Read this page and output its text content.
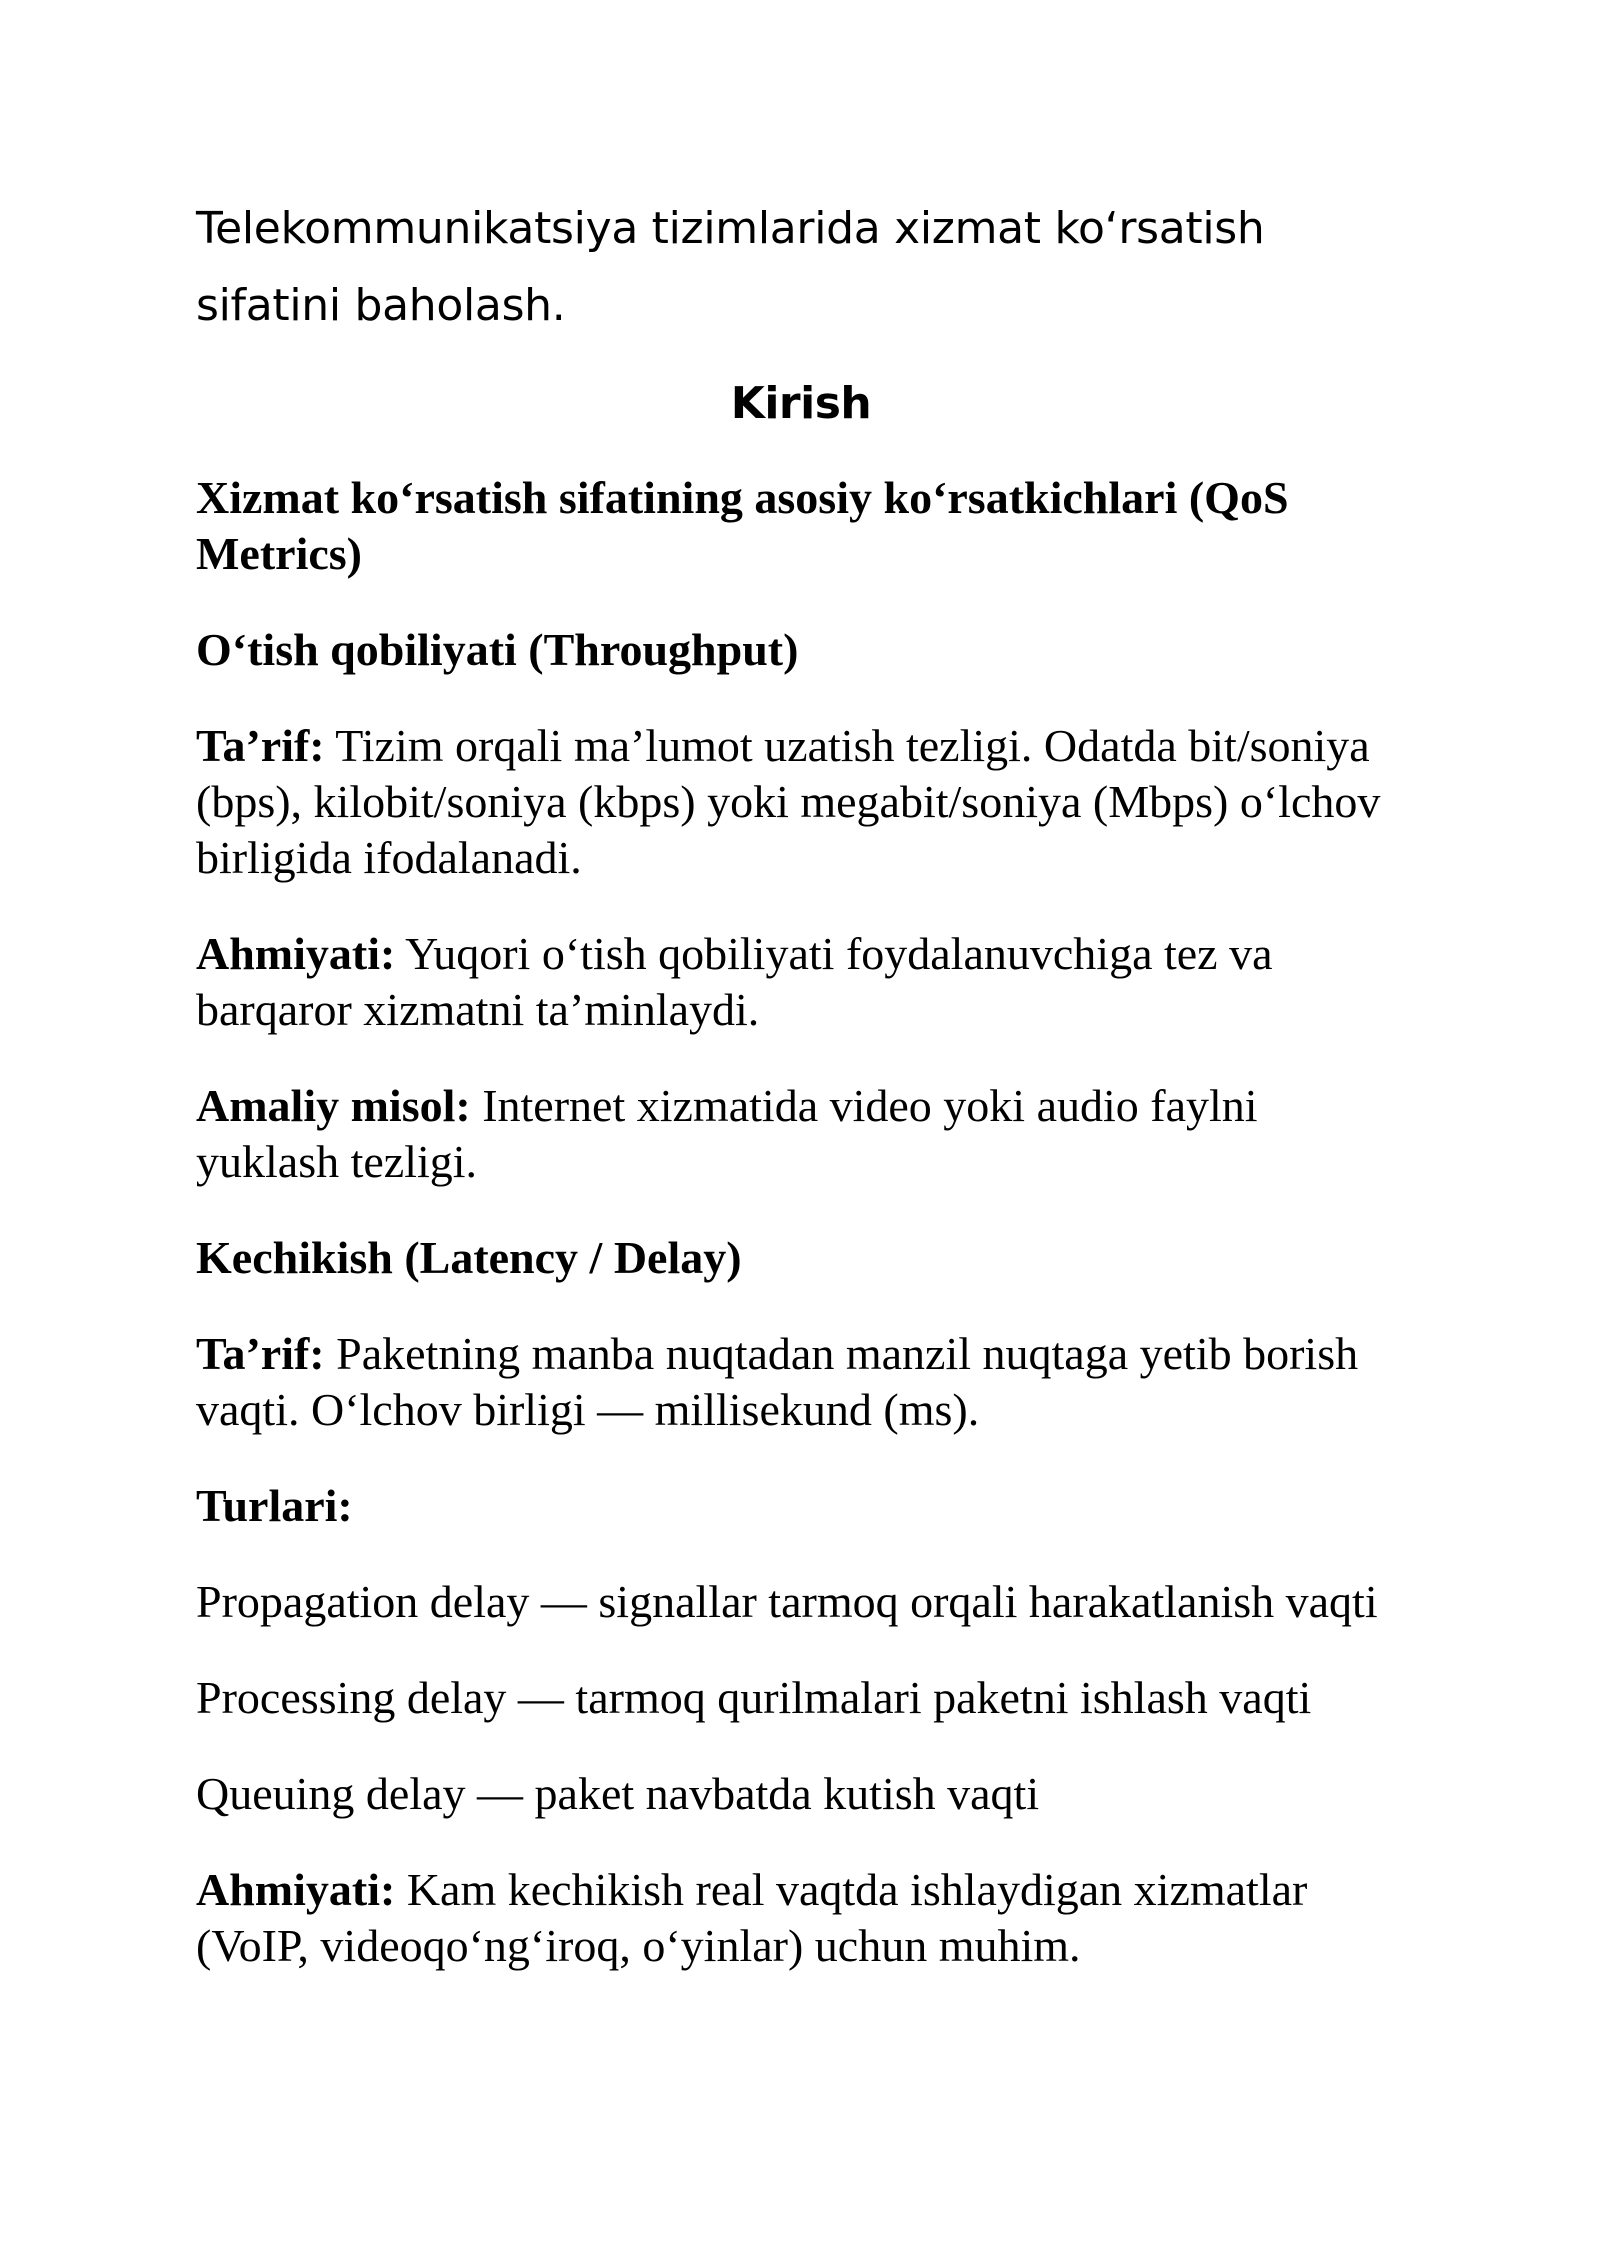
Telekommunikatsiya tizimlarida xizmat koʻrsatish sifatini baholash.

Kirish

Xizmat koʻrsatish sifatining asosiy koʻrsatkichlari (QoS Metrics)

Oʻtish qobiliyati (Throughput)

Ta’rif: Tizim orqali ma’lumot uzatish tezligi. Odatda bit/soniya (bps), kilobit/soniya (kbps) yoki megabit/soniya (Mbps) oʻlchov birligida ifodalanadi.

Ahmiyati: Yuqori oʻtish qobiliyati foydalanuvchiga tez va barqaror xizmatni ta’minlaydi.

Amaliy misol: Internet xizmatida video yoki audio faylni yuklash tezligi.

Kechikish (Latency / Delay)

Ta’rif: Paketning manba nuqtadan manzil nuqtaga yetib borish vaqti. Oʻlchov birligi — millisekund (ms).

Turlari:

Propagation delay — signallar tarmoq orqali harakatlanish vaqti

Processing delay — tarmoq qurilmalari paketni ishlash vaqti

Queuing delay — paket navbatda kutish vaqti

Ahmiyati: Kam kechikish real vaqtda ishlaydigan xizmatlar (VoIP, videoqoʻngʻiroq, oʻyinlar) uchun muhim.
